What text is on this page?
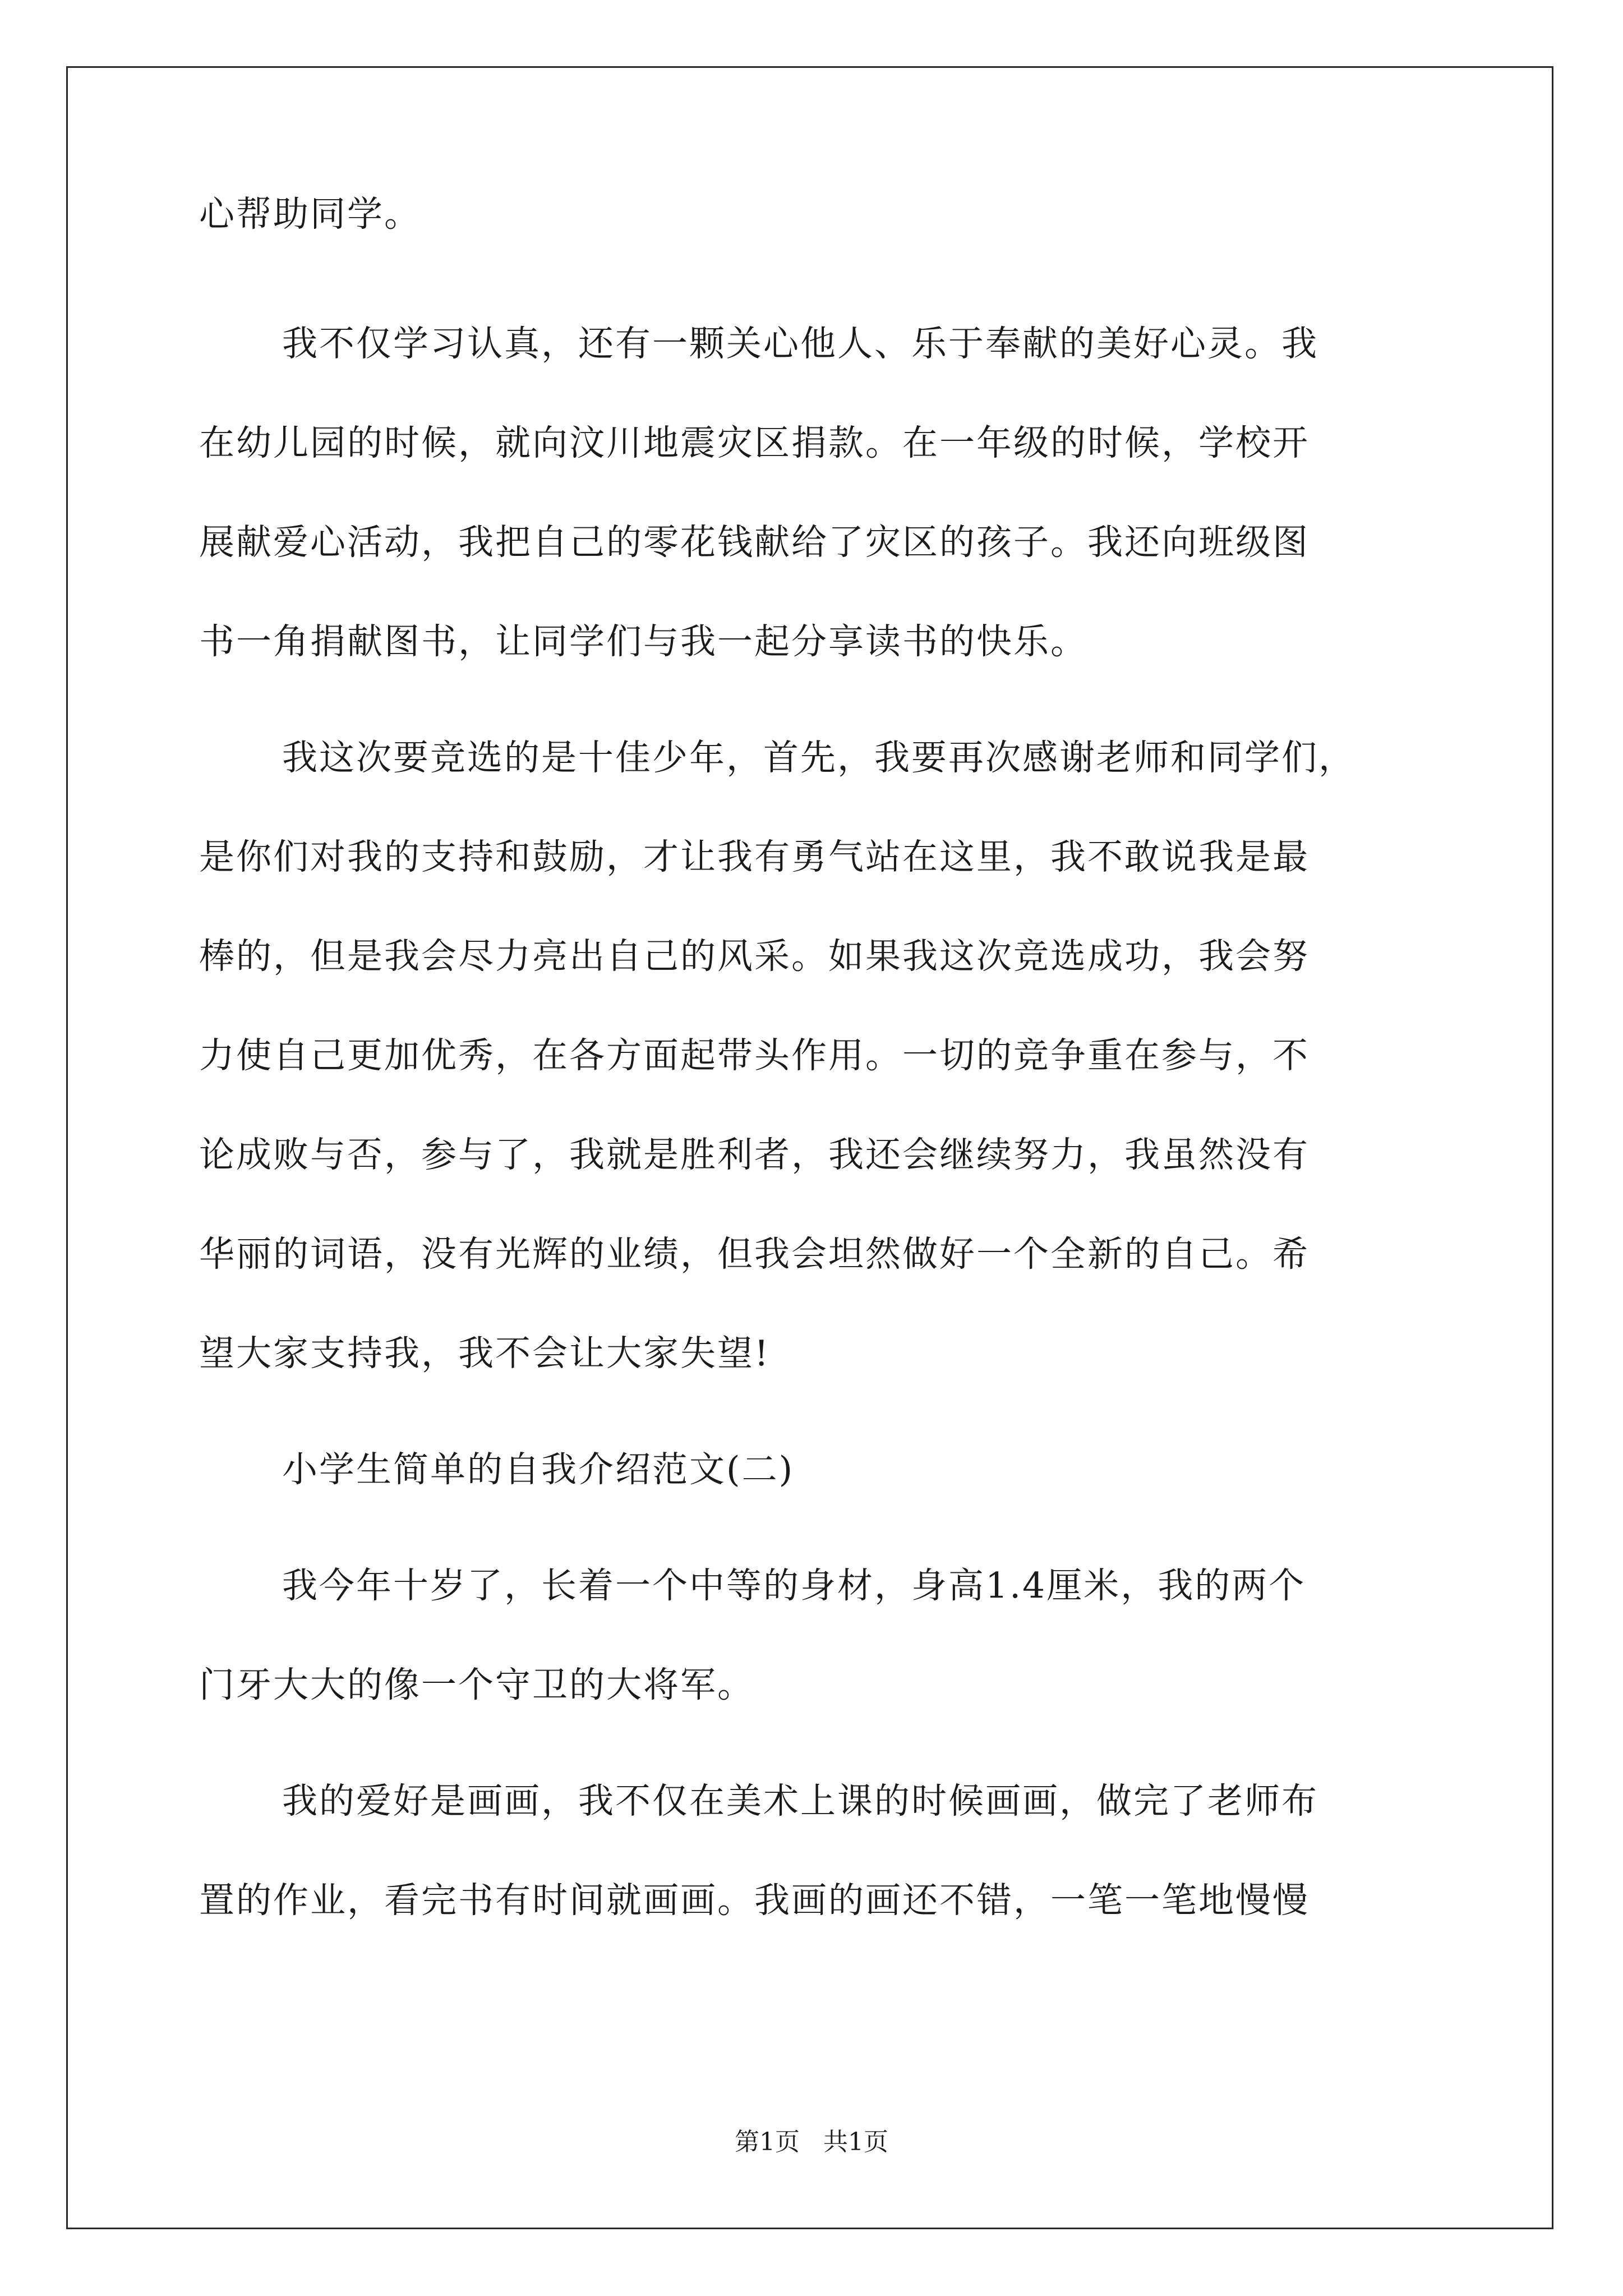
心帮助同学。
我不仅学习认真，还有一颗关心他人、乐于奉献的美好心灵。我
在幼儿园的时候，就向汶川地震灾区捐款。在一年级的时候，学校开
展献爱心活动，我把自己的零花钱献给了灾区的孩子。我还向班级图
书一角捐献图书，让同学们与我一起分享读书的快乐。
我这次要竞选的是十佳少年，首先，我要再次感谢老师和同学们，
是你们对我的支持和鼓励，才让我有勇气站在这里，我不敢说我是最
棒的，但是我会尽力亮出自己的风采。如果我这次竞选成功，我会努
力使自己更加优秀，在各方面起带头作用。一切的竞争重在参与，不
论成败与否，参与了，我就是胜利者，我还会继续努力，我虽然没有
华丽的词语，没有光辉的业绩，但我会坦然做好一个全新的自己。希
望大家支持我，我不会让大家失望!
小学生简单的自我介绍范文(二)
我今年十岁了，长着一个中等的身材，身高1.4厘米，我的两个
门牙大大的像一个守卫的大将军。
我的爱好是画画，我不仅在美术上课的时候画画，做完了老师布
置的作业，看完书有时间就画画。我画的画还不错，一笔一笔地慢慢
第1页   共1页
